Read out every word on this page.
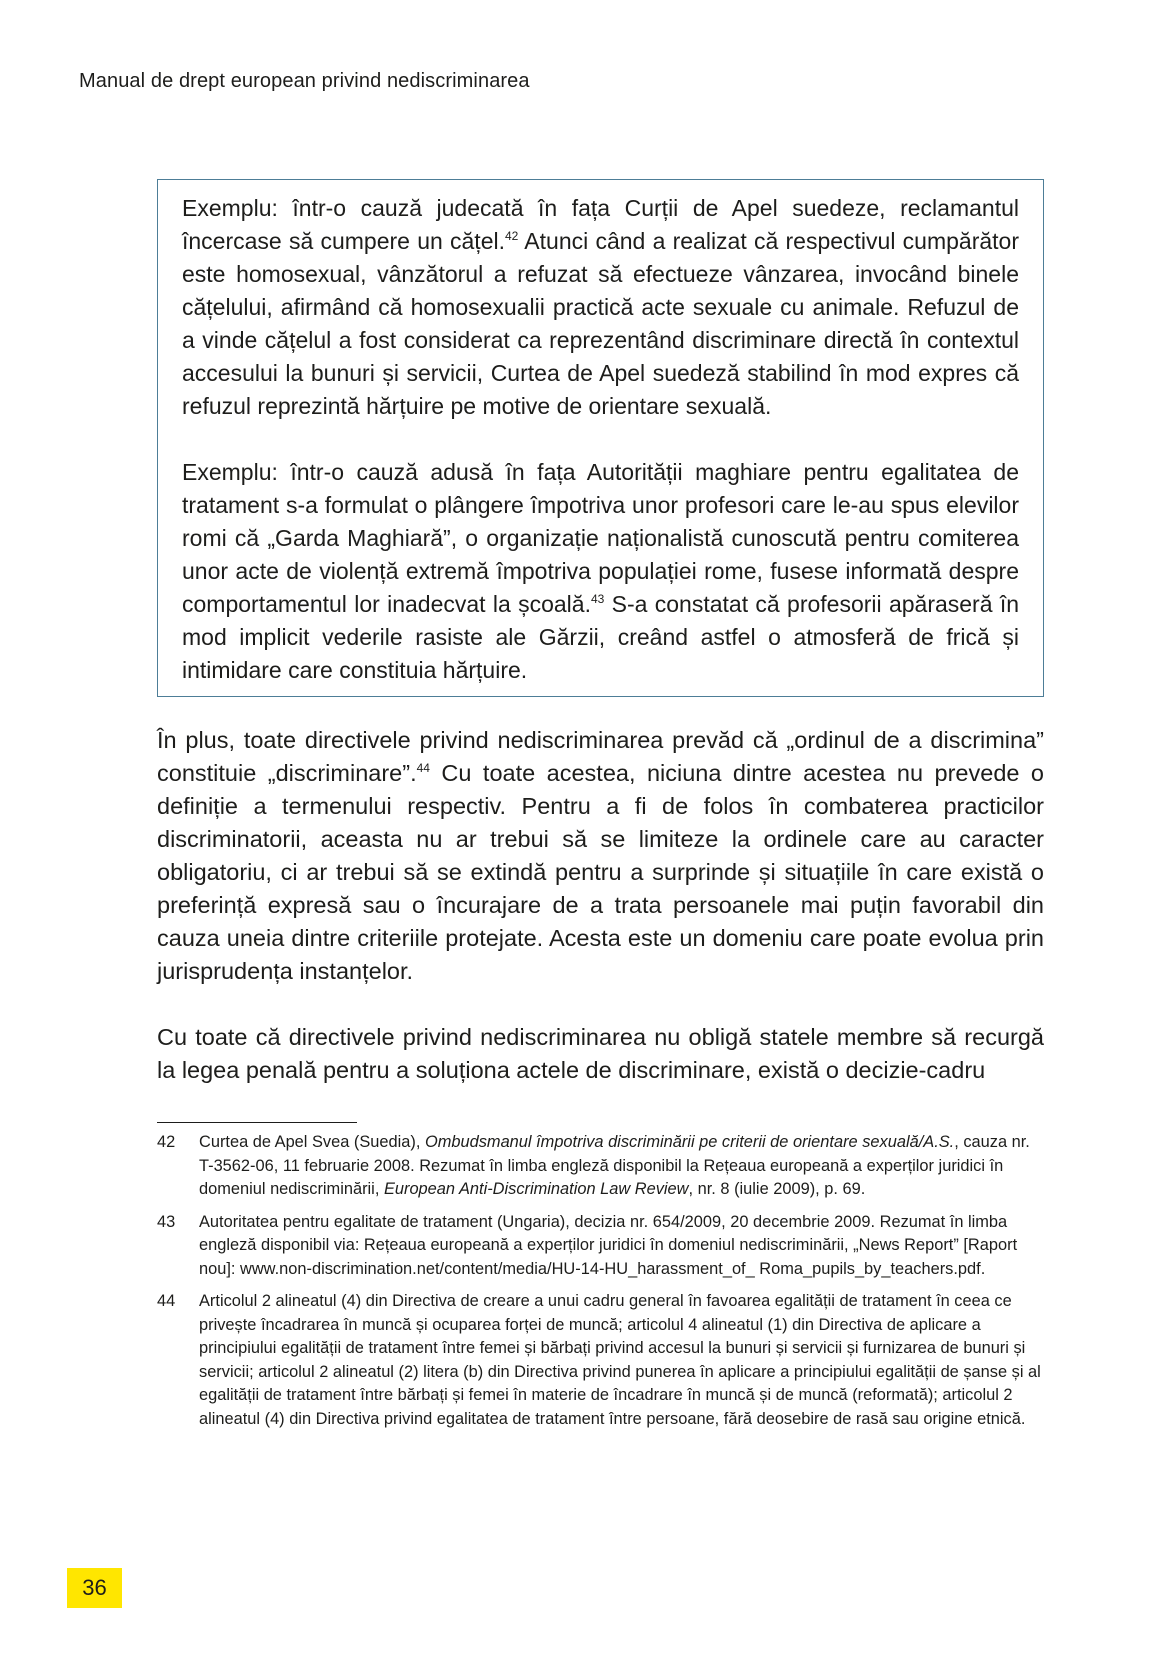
Manual de drept european privind nediscriminarea

Exemplu: într-o cauză judecată în fața Curții de Apel suedeze, reclamantul încercase să cumpere un cățel.$^{42}$ Atunci când a realizat că respectivul cumpărător este homosexual, vânzătorul a refuzat să efectueze vânzarea, invocând binele cățelului, afirmând că homosexualii practică acte sexuale cu animale. Refuzul de a vinde cățelul a fost considerat ca reprezentând discriminare directă în contextul accesului la bunuri și servicii, Curtea de Apel suedeză stabilind în mod expres că refuzul reprezintă hărțuire pe motive de orientare sexuală.

Exemplu: într-o cauză adusă în fața Autorității maghiare pentru egalitatea de tratament s-a formulat o plângere împotriva unor profesori care le-au spus elevilor romi că „Garda Maghiară”, o organizație naționalistă cunoscută pentru comiterea unor acte de violență extremă împotriva populației rome, fusese informată despre comportamentul lor inadecvat la școală.$^{43}$ S-a constatat că profesorii apăraseră în mod implicit vederile rasiste ale Gărzii, creând astfel o atmosferă de frică și intimidare care constituia hărțuire.

În plus, toate directivele privind nediscriminarea prevăd că „ordinul de a discrimina” constituie „discriminare”.$^{44}$ Cu toate acestea, niciuna dintre acestea nu prevede o definiție a termenului respectiv. Pentru a fi de folos în combaterea practicilor discriminatorii, aceasta nu ar trebui să se limiteze la ordinele care au caracter obligatoriu, ci ar trebui să se extindă pentru a surprinde și situațiile în care există o preferință expresă sau o încurajare de a trata persoanele mai puțin favorabil din cauza uneia dintre criteriile protejate. Acesta este un domeniu care poate evolua prin jurisprudența instanțelor.

Cu toate că directivele privind nediscriminarea nu obligă statele membre să recurgă la legea penală pentru a soluționa actele de discriminare, există o decizie-cadru

42	Curtea de Apel Svea (Suedia), Ombudsmanul împotriva discriminării pe criterii de orientare sexuală/A.S., cauza nr. T-3562-06, 11 februarie 2008. Rezumat în limba engleză disponibil la Rețeaua europeană a experților juridici în domeniul nediscriminării, European Anti-Discrimination Law Review, nr. 8 (iulie 2009), p. 69.
43	Autoritatea pentru egalitate de tratament (Ungaria), decizia nr. 654/2009, 20 decembrie 2009. Rezumat în limba engleză disponibil via: Rețeaua europeană a experților juridici în domeniul nediscriminării, „News Report” [Raport nou]: www.non-discrimination.net/content/media/HU-14-HU_harassment_of_ Roma_pupils_by_teachers.pdf.
44	Articolul 2 alineatul (4) din Directiva de creare a unui cadru general în favoarea egalității de tratament în ceea ce privește încadrarea în muncă și ocuparea forței de muncă; articolul 4 alineatul (1) din Directiva de aplicare a principiului egalității de tratament între femei și bărbați privind accesul la bunuri și servicii și furnizarea de bunuri și servicii; articolul 2 alineatul (2) litera (b) din Directiva privind punerea în aplicare a principiului egalității de șanse și al egalității de tratament între bărbați și femei în materie de încadrare în muncă și de muncă (reformată); articolul 2 alineatul (4) din Directiva privind egalitatea de tratament între persoane, fără deosebire de rasă sau origine etnică.
36
